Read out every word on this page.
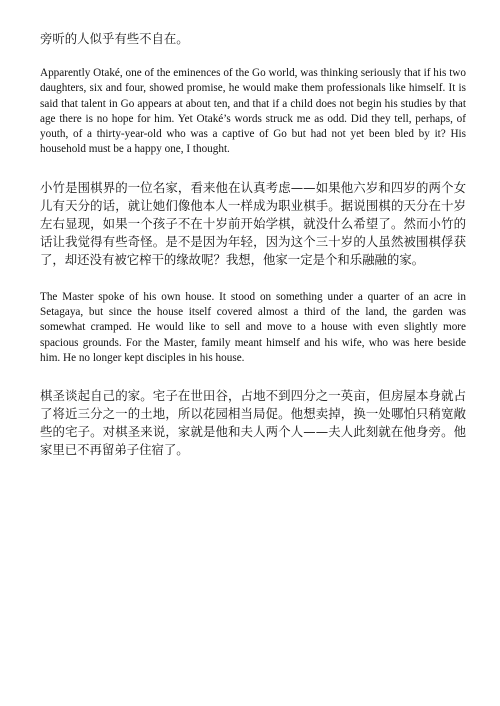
旁听的人似乎有些不自在。

Apparently Otaké, one of the eminences of the Go world, was thinking seriously that if his two daughters, six and four, showed promise, he would make them professionals like himself. It is said that talent in Go appears at about ten, and that if a child does not begin his studies by that age there is no hope for him. Yet Otaké’s words struck me as odd. Did they tell, perhaps, of youth, of a thirty-year-old who was a captive of Go but had not yet been bled by it? His household must be a happy one, I thought.

小竹是围棋界的一位名家，看来他在认真考虑——如果他六岁和四岁的两个女儿有天分的话，就让她们像他本人一样成为职业棋手。据说围棋的天分在十岁左右显现，如果一个孩子不在十岁前开始学棋，就没什么希望了。然而小竹的话让我觉得有些奇怪。是不是因为年轻，因为这个三十岁的人虽然被围棋俘获了，却还没有被它榨干的缘故呢？我想，他家一定是个和乐融融的家。

The Master spoke of his own house. It stood on something under a quarter of an acre in Setagaya, but since the house itself covered almost a third of the land, the garden was somewhat cramped. He would like to sell and move to a house with even slightly more spacious grounds. For the Master, family meant himself and his wife, who was here beside him. He no longer kept disciples in his house.

棋圣谈起自己的家。宅子在世田谷，占地不到四分之一英亩，但房屋本身就占了将近三分之一的土地，所以花园相当局促。他想卖掉，换一处哪怕只稍宽敞些的宅子。对棋圣来说，家就是他和夫人两个人——夫人此刻就在他身旁。他家里已不再留弟子住宿了。
